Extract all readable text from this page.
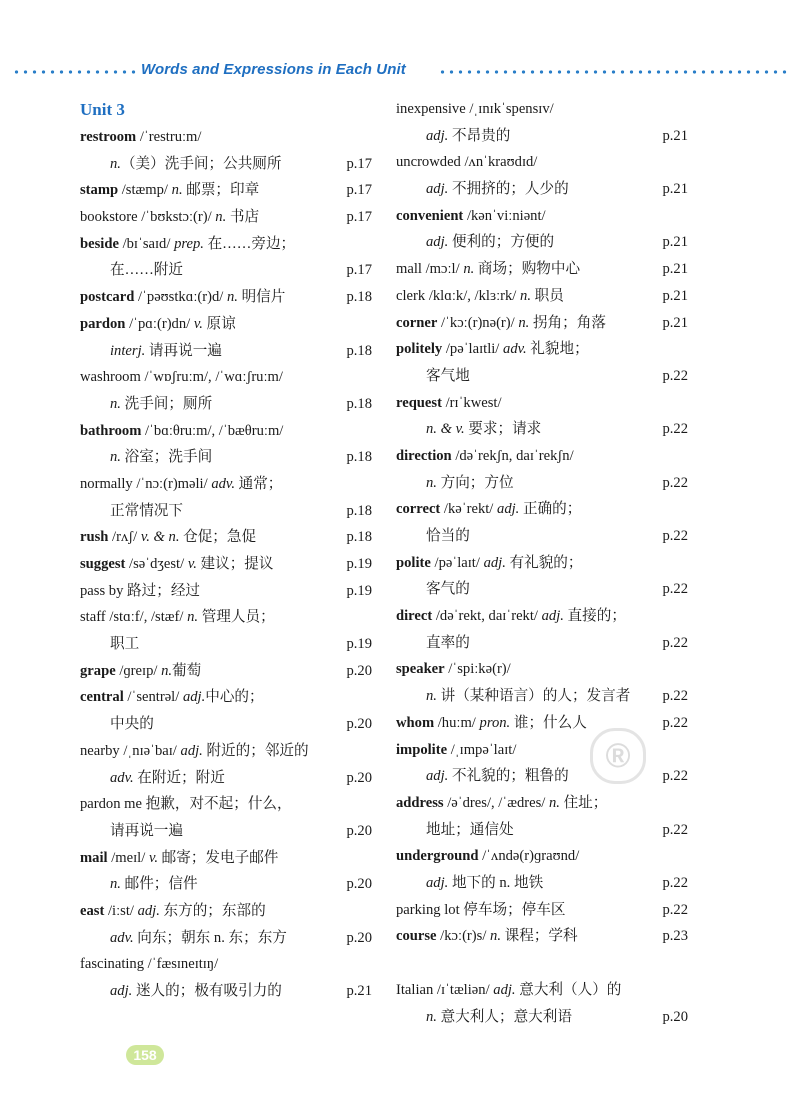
Words and Expressions in Each Unit
Unit 3
restroom /ˈrestruːm/
n.（美）洗手间；公共厕所	p.17
stamp /stæmp/ n. 邮票；印章	p.17
bookstore /ˈbʊkstɔː(r)/ n. 书店	p.17
beside /bɪˈsaɪd/ prep. 在……旁边；
在……附近	p.17
postcard /ˈpəʊstkɑː(r)d/ n. 明信片	p.18
pardon /ˈpɑː(r)dn/ v. 原谅
interj. 请再说一遍	p.18
washroom /ˈwɒʃruːm/, /ˈwɑːʃruːm/
n. 洗手间；厕所	p.18
bathroom /ˈbɑːθruːm/, /ˈbæθruːm/
n. 浴室；洗手间	p.18
normally /ˈnɔː(r)məli/ adv. 通常；
正常情况下	p.18
rush /rʌʃ/ v. & n. 仓促；急促	p.18
suggest /səˈdʒest/ v. 建议；提议	p.19
pass by 路过；经过	p.19
staff /stɑːf/, /stæf/ n. 管理人员；
职工	p.19
grape /ɡreɪp/ n.葡萄	p.20
central /ˈsentrəl/ adj.中心的；
中央的	p.20
nearby /ˌnɪəˈbaɪ/ adj. 附近的；邻近的
adv. 在附近；附近	p.20
pardon me 抱歉，对不起；什么，
请再说一遍	p.20
mail /meɪl/ v. 邮寄；发电子邮件
n. 邮件；信件	p.20
east /iːst/ adj. 东方的；东部的
adv. 向东；朝东 n. 东；东方	p.20
fascinating /ˈfæsɪneɪtɪŋ/
adj. 迷人的；极有吸引力的	p.21
inexpensive /ˌɪnɪkˈspensɪv/
adj. 不昂贵的	p.21
uncrowded /ʌnˈkraʊdɪd/
adj. 不拥挤的；人少的	p.21
convenient /kənˈviːniənt/
adj. 便利的；方便的	p.21
mall /mɔːl/ n. 商场；购物中心	p.21
clerk /klɑːk/, /klɜːrk/ n. 职员	p.21
corner /ˈkɔː(r)nə(r)/ n. 拐角；角落	p.21
politely /pəˈlaɪtli/ adv. 礼貌地；
客气地	p.22
request /rɪˈkwest/
n. & v. 要求；请求	p.22
direction /dəˈrekʃn, daɪˈrekʃn/
n. 方向；方位	p.22
correct /kəˈrekt/ adj. 正确的；
恰当的	p.22
polite /pəˈlaɪt/ adj. 有礼貌的；
客气的	p.22
direct /dəˈrekt, daɪˈrekt/ adj. 直接的；
直率的	p.22
speaker /ˈspiːkə(r)/
n. 讲（某种语言）的人；发言者 p.22
whom /huːm/ pron. 谁；什么人	p.22
impolite /ˌɪmpəˈlaɪt/
adj. 不礼貌的；粗鲁的	p.22
address /əˈdres/, /ˈædres/ n. 住址；
地址；通信处	p.22
underground /ˈʌndə(r)ɡraʊnd/
adj. 地下的 n. 地铁	p.22
parking lot 停车场；停车区	p.22
course /kɔː(r)s/ n. 课程；学科	p.23
Italian /ɪˈtæliən/ adj. 意大利（人）的
n. 意大利人；意大利语	p.20
®
158
